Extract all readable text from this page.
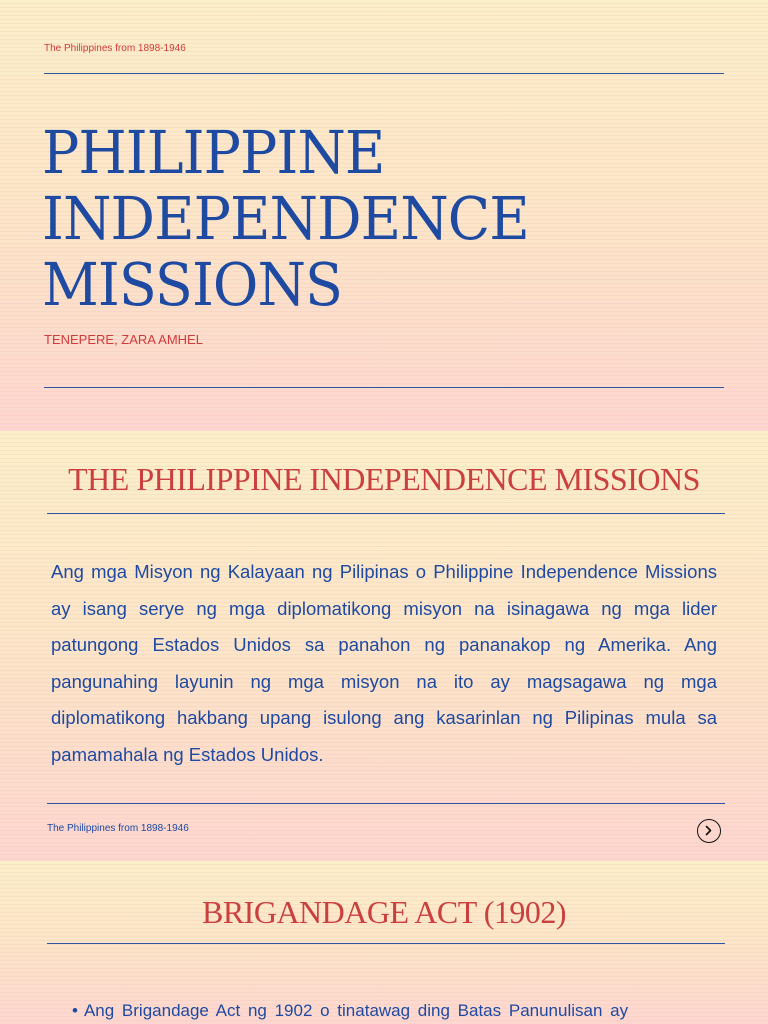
The Philippines from 1898-1946
PHILIPPINE
INDEPENDENCE
MISSIONS
TENEPERE, ZARA AMHEL
THE PHILIPPINE INDEPENDENCE MISSIONS

Ang mga Misyon ng Kalayaan ng Pilipinas o Philippine Independence Missions ay isang serye ng mga diplomatikong misyon na isinagawa ng mga lider patungong Estados Unidos sa panahon ng pananakop ng Amerika. Ang pangunahing layunin ng mga misyon na ito ay magsagawa ng mga diplomatikong hakbang upang isulong ang kasarinlan ng Pilipinas mula sa pamamahala ng Estados Unidos.

The Philippines from 1898-1946
BRIGANDAGE ACT (1902)

• Ang Brigandage Act ng 1902 o tinatawag ding Batas Panunulisan ay
